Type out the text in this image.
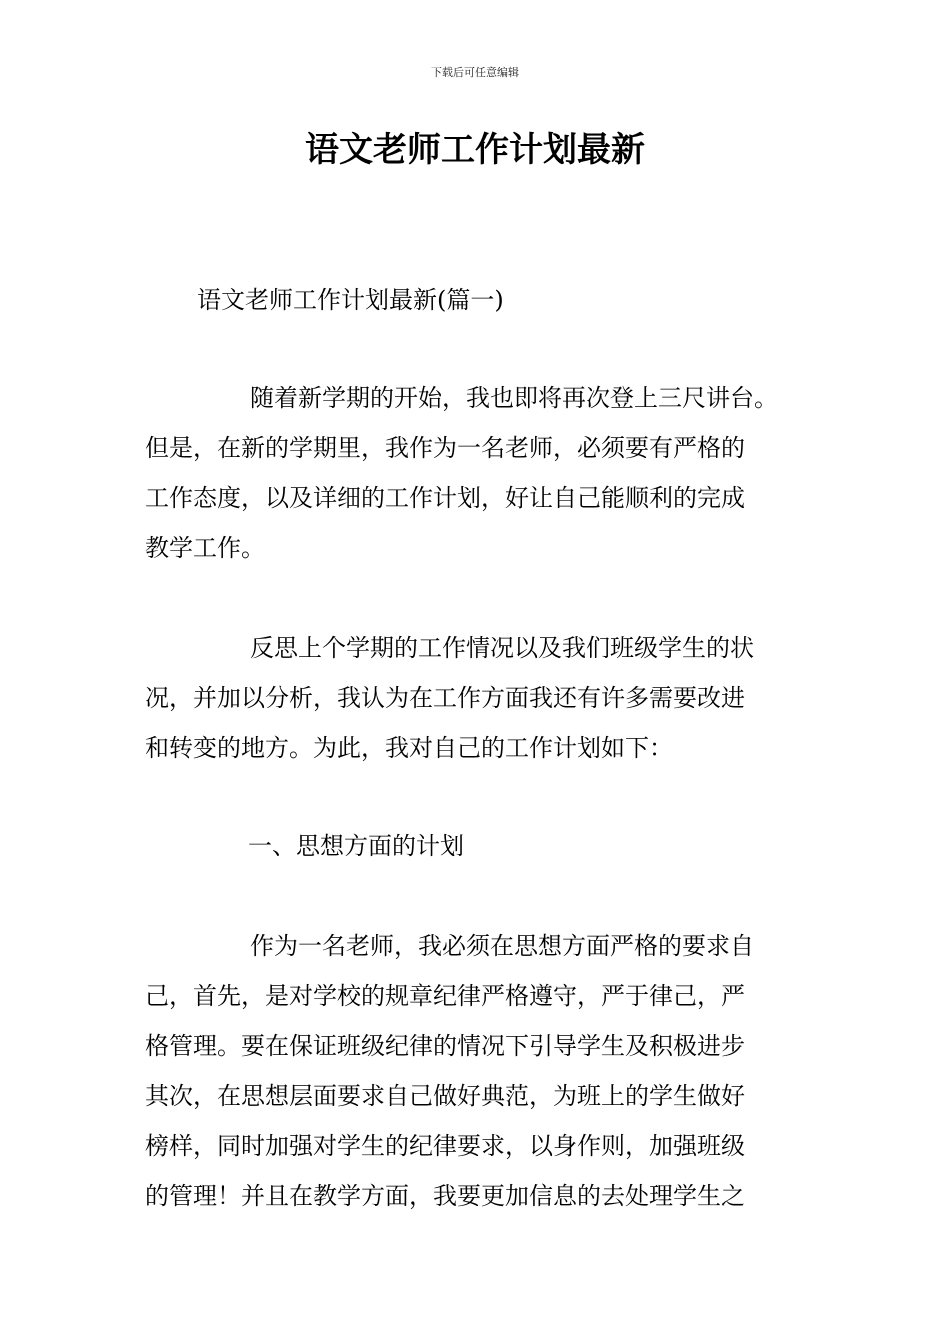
下载后可任意编辑
语文老师工作计划最新
语文老师工作计划最新(篇一)
随着新学期的开始，我也即将再次登上三尺讲台。
但是，在新的学期里，我作为一名老师，必须要有严格的
工作态度，以及详细的工作计划，好让自己能顺利的完成
教学工作。
反思上个学期的工作情况以及我们班级学生的状
况，并加以分析，我认为在工作方面我还有许多需要改进
和转变的地方。为此，我对自己的工作计划如下：
一、思想方面的计划
作为一名老师，我必须在思想方面严格的要求自
己，首先，是对学校的规章纪律严格遵守，严于律己，严
格管理。要在保证班级纪律的情况下引导学生及积极进步
其次，在思想层面要求自己做好典范，为班上的学生做好
榜样，同时加强对学生的纪律要求，以身作则，加强班级
的管理！并且在教学方面，我要更加信息的去处理学生之
